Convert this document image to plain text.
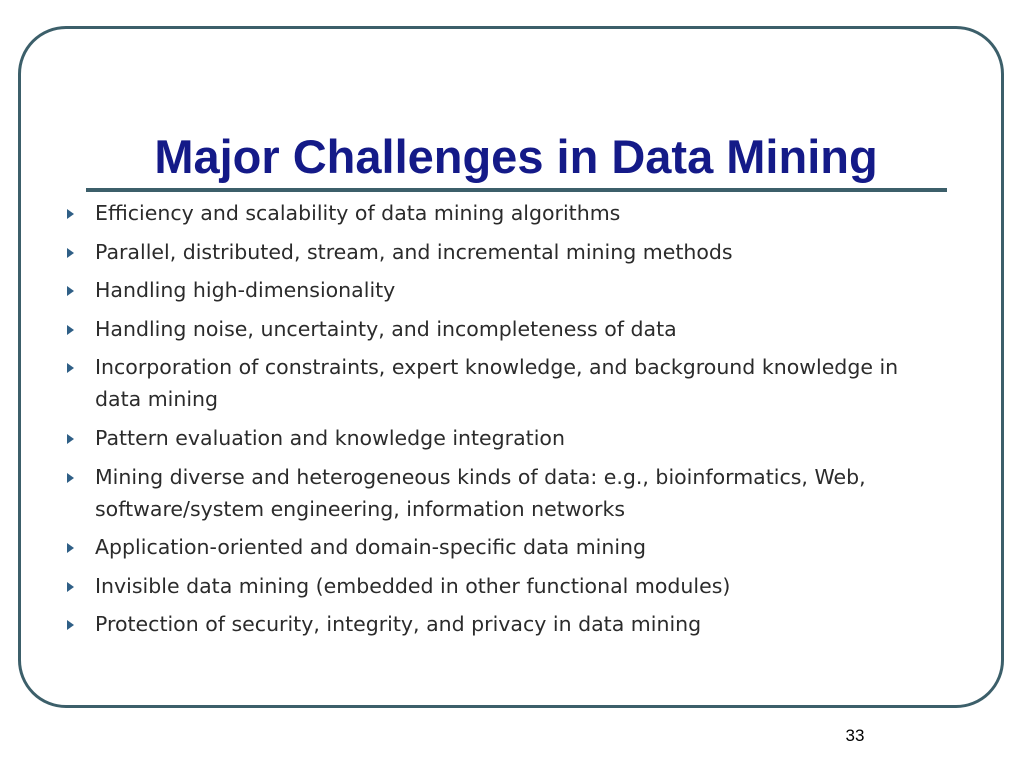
Major Challenges in Data Mining
Efficiency and scalability of data mining algorithms
Parallel, distributed, stream, and incremental mining methods
Handling high-dimensionality
Handling noise, uncertainty, and incompleteness of data
Incorporation of constraints, expert knowledge, and background knowledge in data mining
Pattern evaluation and knowledge integration
Mining diverse and heterogeneous kinds of data: e.g., bioinformatics, Web, software/system engineering, information networks
Application-oriented and domain-specific data mining
Invisible data mining (embedded in other functional modules)
Protection of security, integrity, and privacy in data mining
33
